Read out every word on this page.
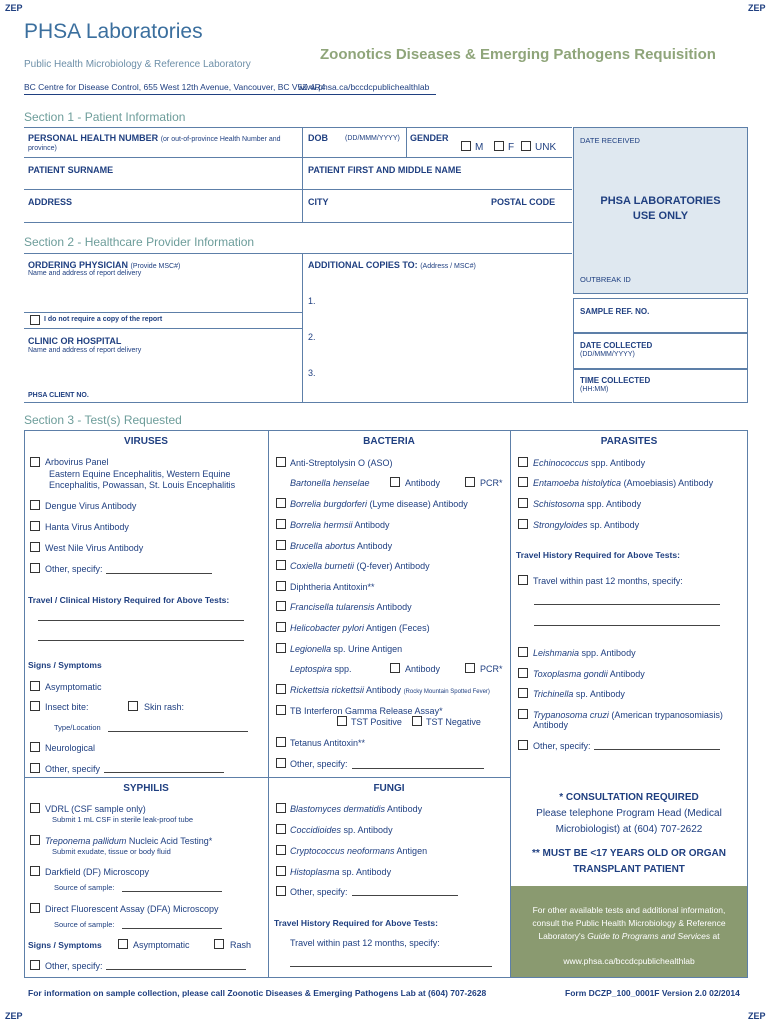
ZEP	ZEP
ZEP	ZEP
PHSA Laboratories
Public Health Microbiology & Reference Laboratory
Zoonotics Diseases & Emerging Pathogens Requisition
BC Centre for Disease Control, 655 West 12th Avenue, Vancouver, BC V5Z 4R4
www.phsa.ca/bccdcpublichealthlab
Section 1 - Patient Information
PERSONAL HEALTH NUMBER (or out-of-province Health Number and
province)
DOB (DD/MMM/YYYY) GENDER
M F UNK
PATIENT SURNAME	PATIENT FIRST AND MIDDLE NAME
ADDRESS	CITY	POSTAL CODE
DATE RECEIVED
PHSA LABORATORIES
USE ONLY
OUTBREAK ID
SAMPLE REF. NO.
DATE COLLECTED
(DD/MMM/YYYY)
TIME COLLECTED
(HH:MM)
Section 2 - Healthcare Provider Information
ORDERING PHYSICIAN (Provide MSC#)
Name and address of report delivery
ADDITIONAL COPIES TO: (Address / MSC#)
1.
2.
3.
I do not require a copy of the report
CLINIC OR HOSPITAL
Name and address of report delivery
PHSA CLIENT NO.
Section 3 - Test(s) Requested
VIRUSES	BACTERIA	PARASITES
Arbovirus Panel
Eastern Equine Encephalitis, Western Equine
Encephalitis, Powassan, St. Louis Encephalitis
Dengue Virus Antibody
Hanta Virus Antibody
West Nile Virus Antibody
Other, specify:
Travel / Clinical History Required for Above Tests:
Signs / Symptoms
Asymptomatic
Insect bite:	Skin rash:
Type/Location
Neurological
Other, specify
Anti-Streptolysin O (ASO)
Bartonella henselae	Antibody	PCR*
Borrelia burgdorferi (Lyme disease) Antibody
Borrelia hermsii Antibody
Brucella abortus Antibody
Coxiella burnetii (Q-fever) Antibody
Diphtheria Antitoxin**
Francisella tularensis Antibody
Helicobacter pylori Antigen (Feces)
Legionella sp. Urine Antigen
Leptospira spp.	Antibody	PCR*
Rickettsia rickettsii Antibody (Rocky Mountain Spotted Fever)
TB Interferon Gamma Release Assay*
TST Positive	TST Negative
Tetanus Antitoxin**
Other, specify:
Echinococcus spp. Antibody
Entamoeba histolytica (Amoebiasis) Antibody
Schistosoma spp. Antibody
Strongyloides sp. Antibody
Travel History Required for Above Tests:
Travel within past 12 months, specify:
Leishmania spp. Antibody
Toxoplasma gondii Antibody
Trichinella sp. Antibody
Trypanosoma cruzi (American trypanosomiasis)
Antibody
Other, specify:
SYPHILIS
VDRL (CSF sample only)
Submit 1 mL CSF in sterile leak-proof tube
Treponema pallidum Nucleic Acid Testing*
Submit exudate, tissue or body fluid
Darkfield (DF) Microscopy
Source of sample:
Direct Fluorescent Assay (DFA) Microscopy
Source of sample:
Signs / Symptoms	Asymptomatic	Rash
Other, specify:
FUNGI
Blastomyces dermatidis Antibody
Coccidioides sp. Antibody
Cryptococcus neoformans Antigen
Histoplasma sp. Antibody
Other, specify:
Travel History Required for Above Tests:
Travel within past 12 months, specify:
* CONSULTATION REQUIRED
Please telephone Program Head (Medical
Microbiologist) at (604) 707-2622
** MUST BE <17 YEARS OLD OR ORGAN
TRANSPLANT PATIENT
For other available tests and additional information,
consult the Public Health Microbiology & Reference
Laboratory's Guide to Programs and Services at
www.phsa.ca/bccdcpublichealthlab
For information on sample collection, please call Zoonotic Diseases & Emerging Pathogens Lab at (604) 707-2628	Form DCZP_100_0001F Version 2.0 02/2014
